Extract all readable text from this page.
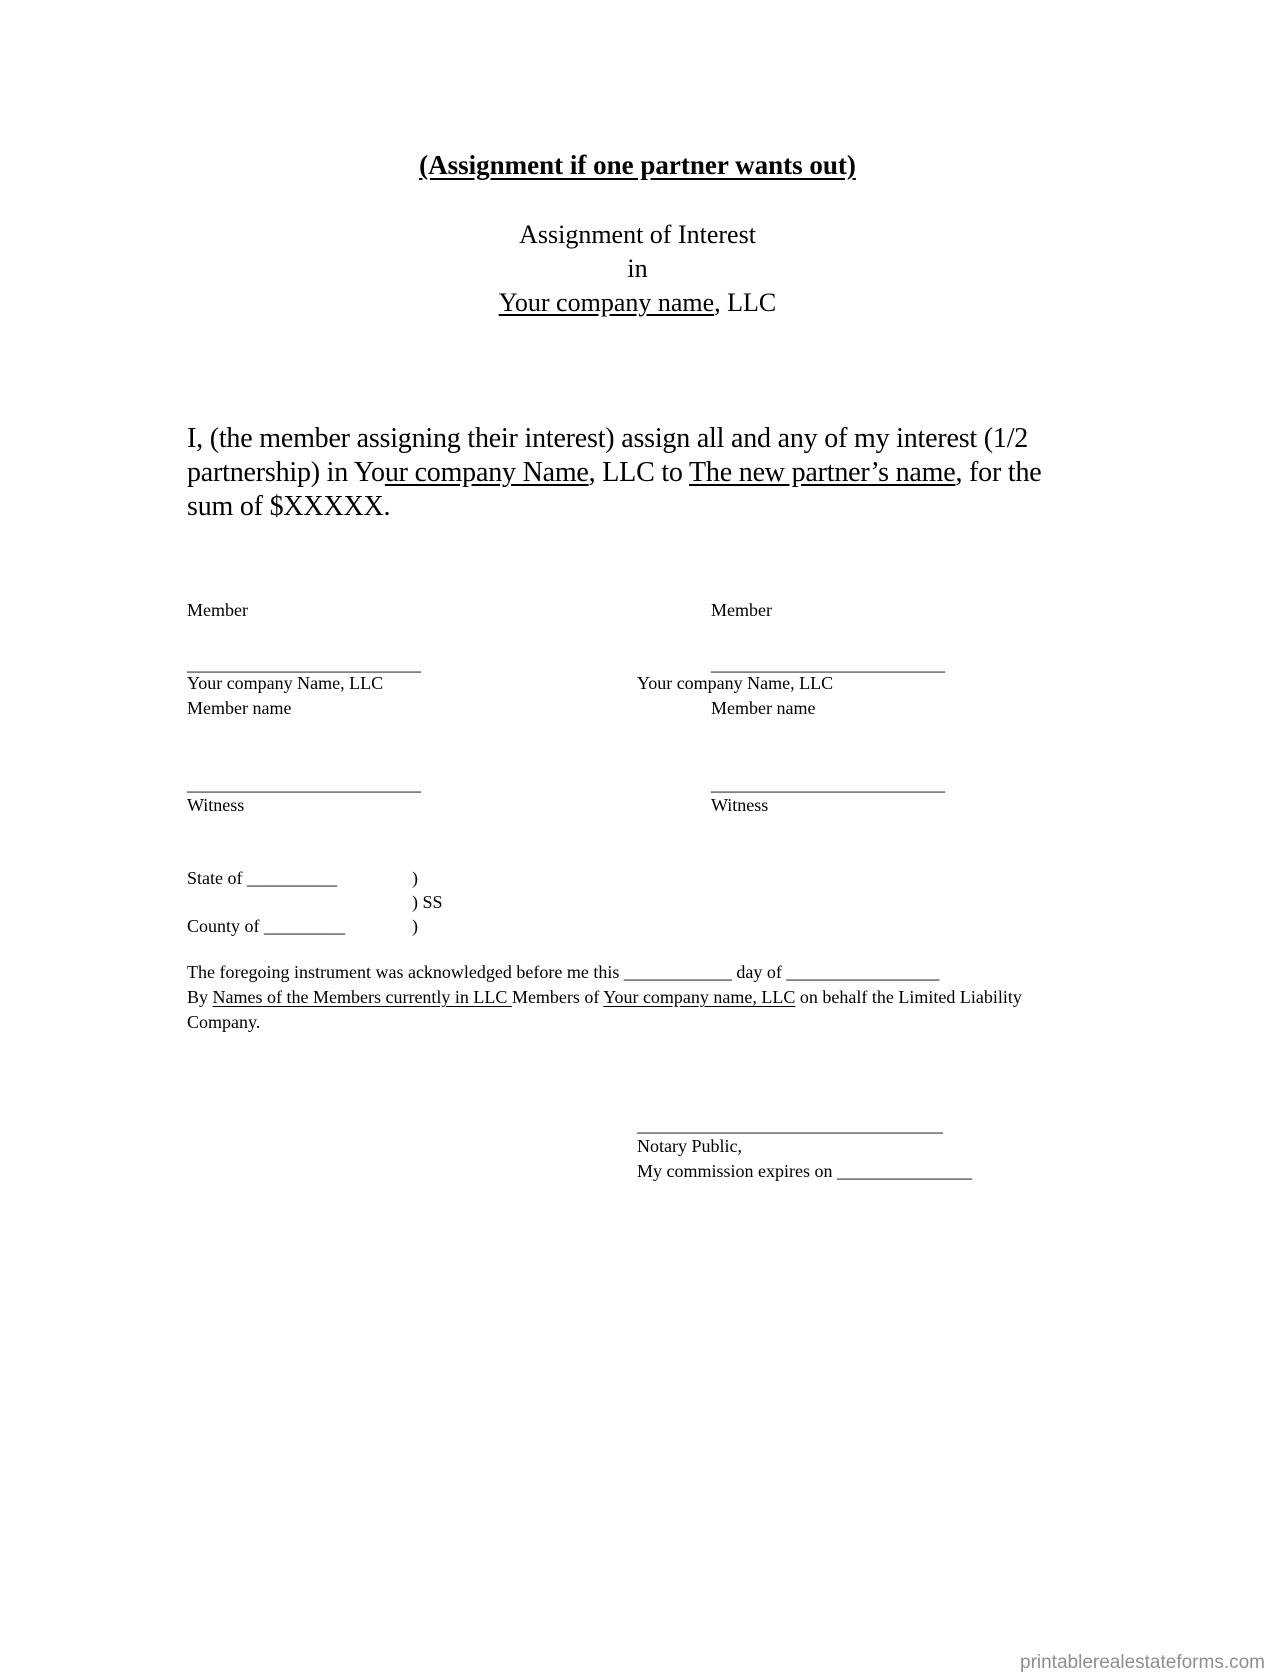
(Assignment if one partner wants out)
Assignment of Interest
in
Your company name, LLC
I, (the member assigning their interest) assign all and any of my interest (1/2 partnership) in Your company Name, LLC to The new partner’s name, for the sum of $XXXXX.
Member
__________________________
Your company Name, LLC
Member name
__________________________
Witness
Member
__________________________
Your company Name, LLC
Member name
__________________________
Witness
State of __________	)
) SS
County of _________	)
The foregoing instrument was acknowledged before me this ____________ day of _________________
By Names of the Members currently in LLC Members of Your company name, LLC on behalf the Limited Liability Company.
__________________________________
Notary Public,
My commission expires on _______________
printablerealestateforms.com
